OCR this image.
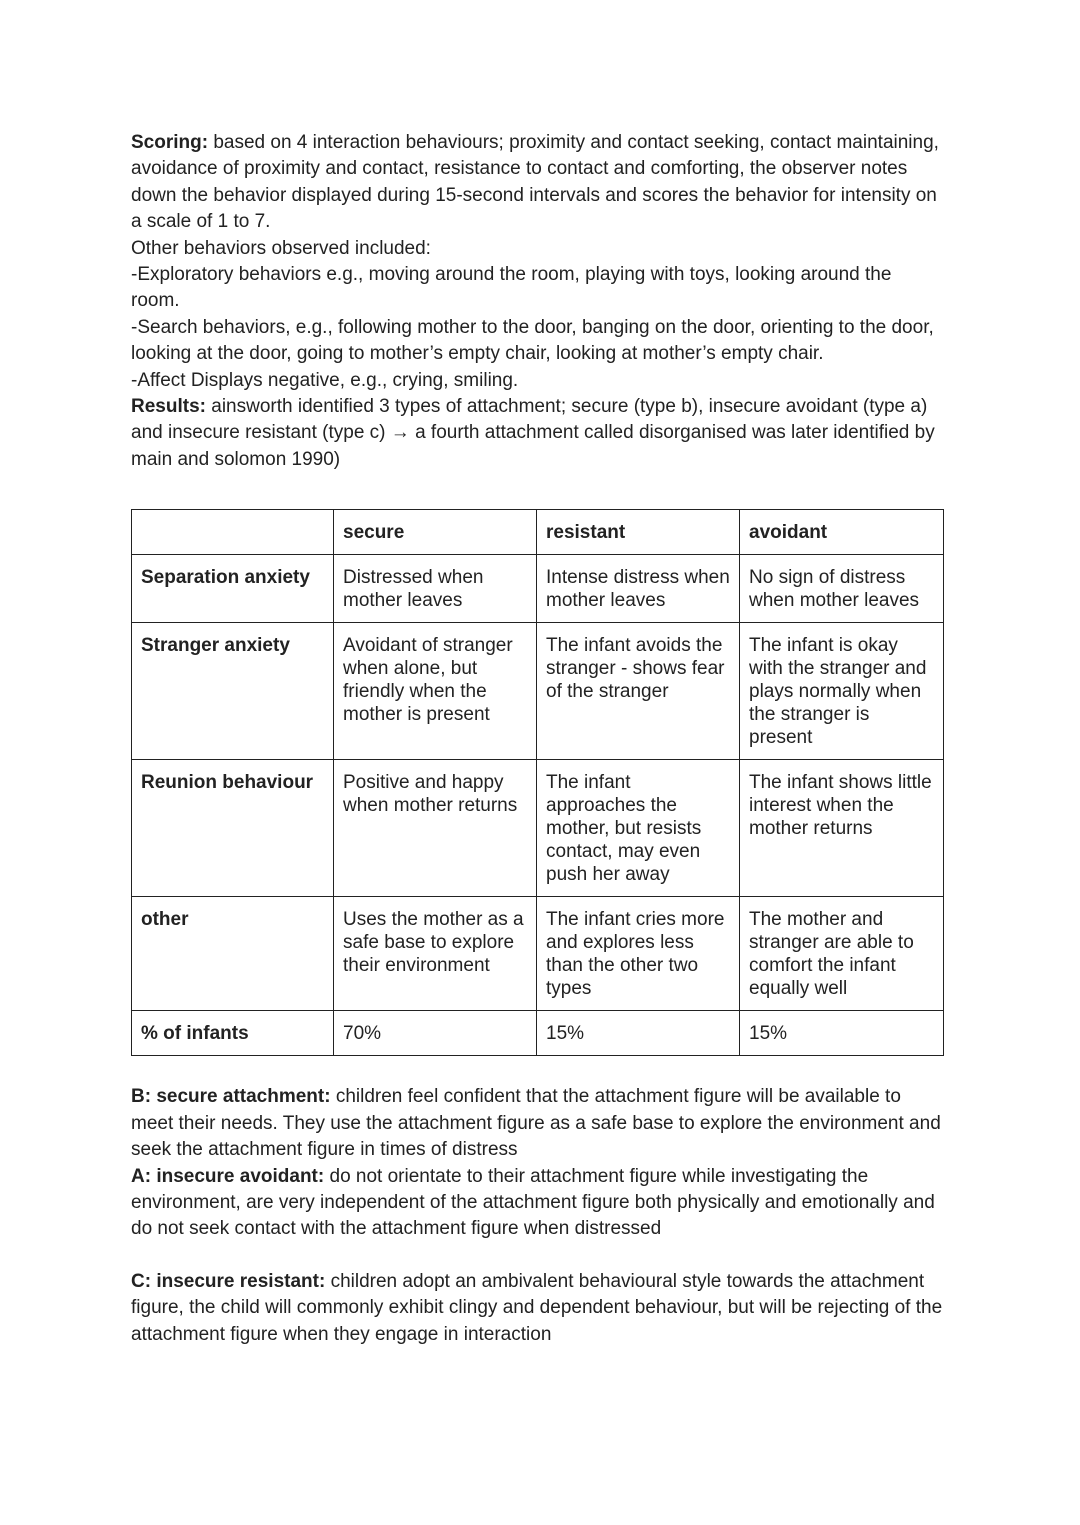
Scoring: based on 4 interaction behaviours; proximity and contact seeking, contact maintaining, avoidance of proximity and contact, resistance to contact and comforting, the observer notes down the behavior displayed during 15-second intervals and scores the behavior for intensity on a scale of 1 to 7.

Other behaviors observed included:

-Exploratory behaviors e.g., moving around the room, playing with toys, looking around the room.

-Search behaviors, e.g., following mother to the door, banging on the door, orienting to the door, looking at the door, going to mother’s empty chair, looking at mother’s empty chair.

-Affect Displays negative, e.g., crying, smiling.

Results: ainsworth identified 3 types of attachment; secure (type b), insecure avoidant (type a) and insecure resistant (type c) → a fourth attachment called disorganised was later identified by main and solomon 1990)

	secure	resistant	avoidant
Separation anxiety	Distressed when mother leaves	Intense distress when mother leaves	No sign of distress when mother leaves
Stranger anxiety	Avoidant of stranger when alone, but friendly when the mother is present	The infant avoids the stranger - shows fear of the stranger	The infant is okay with the stranger and plays normally when the stranger is present
Reunion behaviour	Positive and happy when mother returns	The infant approaches the mother, but resists contact, may even push her away	The infant shows little interest when the mother returns
other	Uses the mother as a safe base to explore their environment	The infant cries more and explores less than the other two types	The mother and stranger are able to comfort the infant equally well
% of infants	70%	15%	15%

B: secure attachment: children feel confident that the attachment figure will be available to meet their needs. They use the attachment figure as a safe base to explore the environment and seek the attachment figure in times of distress

A: insecure avoidant: do not orientate to their attachment figure while investigating the environment, are very independent of the attachment figure both physically and emotionally and do not seek contact with the attachment figure when distressed

C: insecure resistant: children adopt an ambivalent behavioural style towards the attachment figure, the child will commonly exhibit clingy and dependent behaviour, but will be rejecting of the attachment figure when they engage in interaction
